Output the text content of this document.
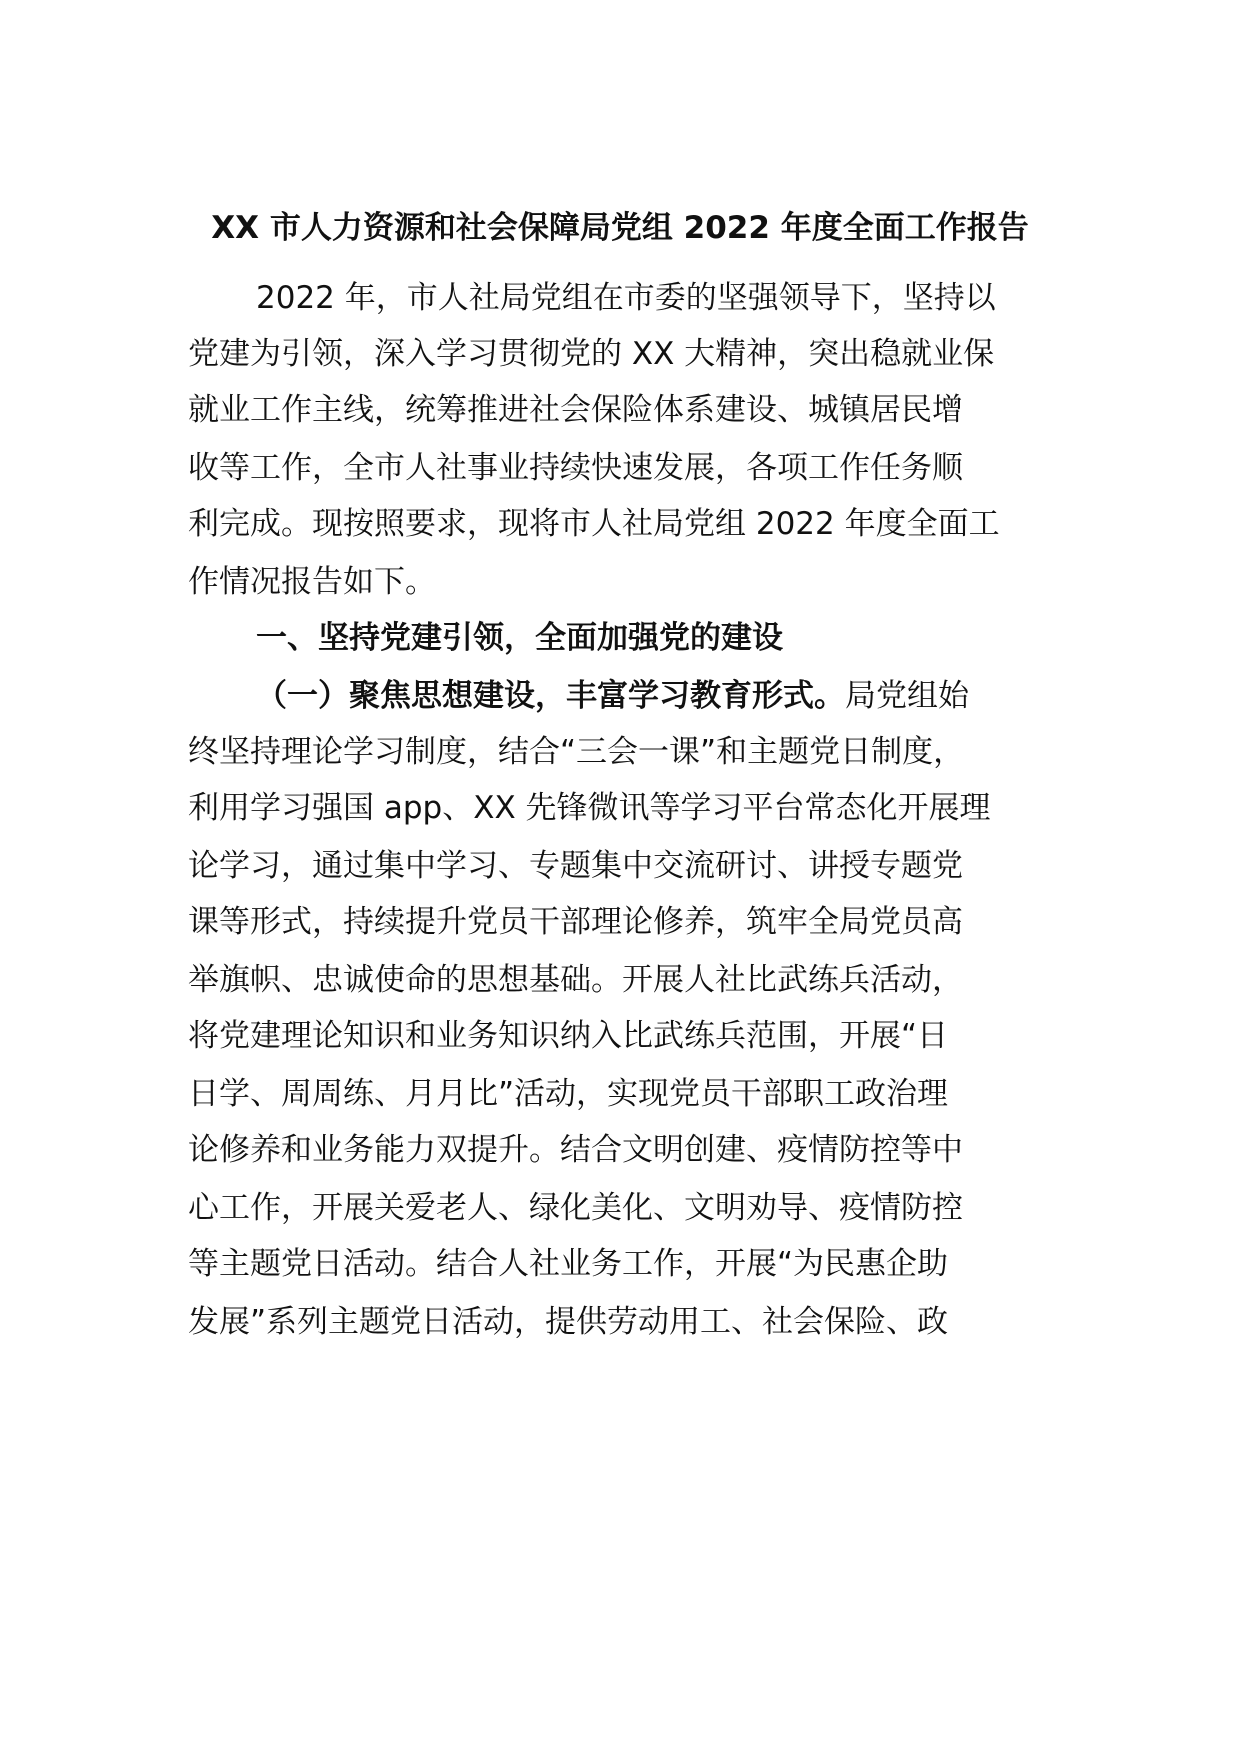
XX 市人力资源和社会保障局党组 2022 年度全面工作报告
2022 年，市人社局党组在市委的坚强领导下，坚持以
党建为引领，深入学习贯彻党的 XX 大精神，突出稳就业保
就业工作主线，统筹推进社会保险体系建设、城镇居民增
收等工作，全市人社事业持续快速发展，各项工作任务顺
利完成。现按照要求，现将市人社局党组 2022 年度全面工
作情况报告如下。
一、坚持党建引领，全面加强党的建设
（一）聚焦思想建设，丰富学习教育形式。局党组始
终坚持理论学习制度，结合“三会一课”和主题党日制度，
利用学习强国 app、XX 先锋微讯等学习平台常态化开展理
论学习，通过集中学习、专题集中交流研讨、讲授专题党
课等形式，持续提升党员干部理论修养，筑牢全局党员高
举旗帜、忠诚使命的思想基础。开展人社比武练兵活动，
将党建理论知识和业务知识纳入比武练兵范围，开展“日
日学、周周练、月月比”活动，实现党员干部职工政治理
论修养和业务能力双提升。结合文明创建、疫情防控等中
心工作，开展关爱老人、绿化美化、文明劝导、疫情防控
等主题党日活动。结合人社业务工作，开展“为民惠企助
发展”系列主题党日活动，提供劳动用工、社会保险、政
